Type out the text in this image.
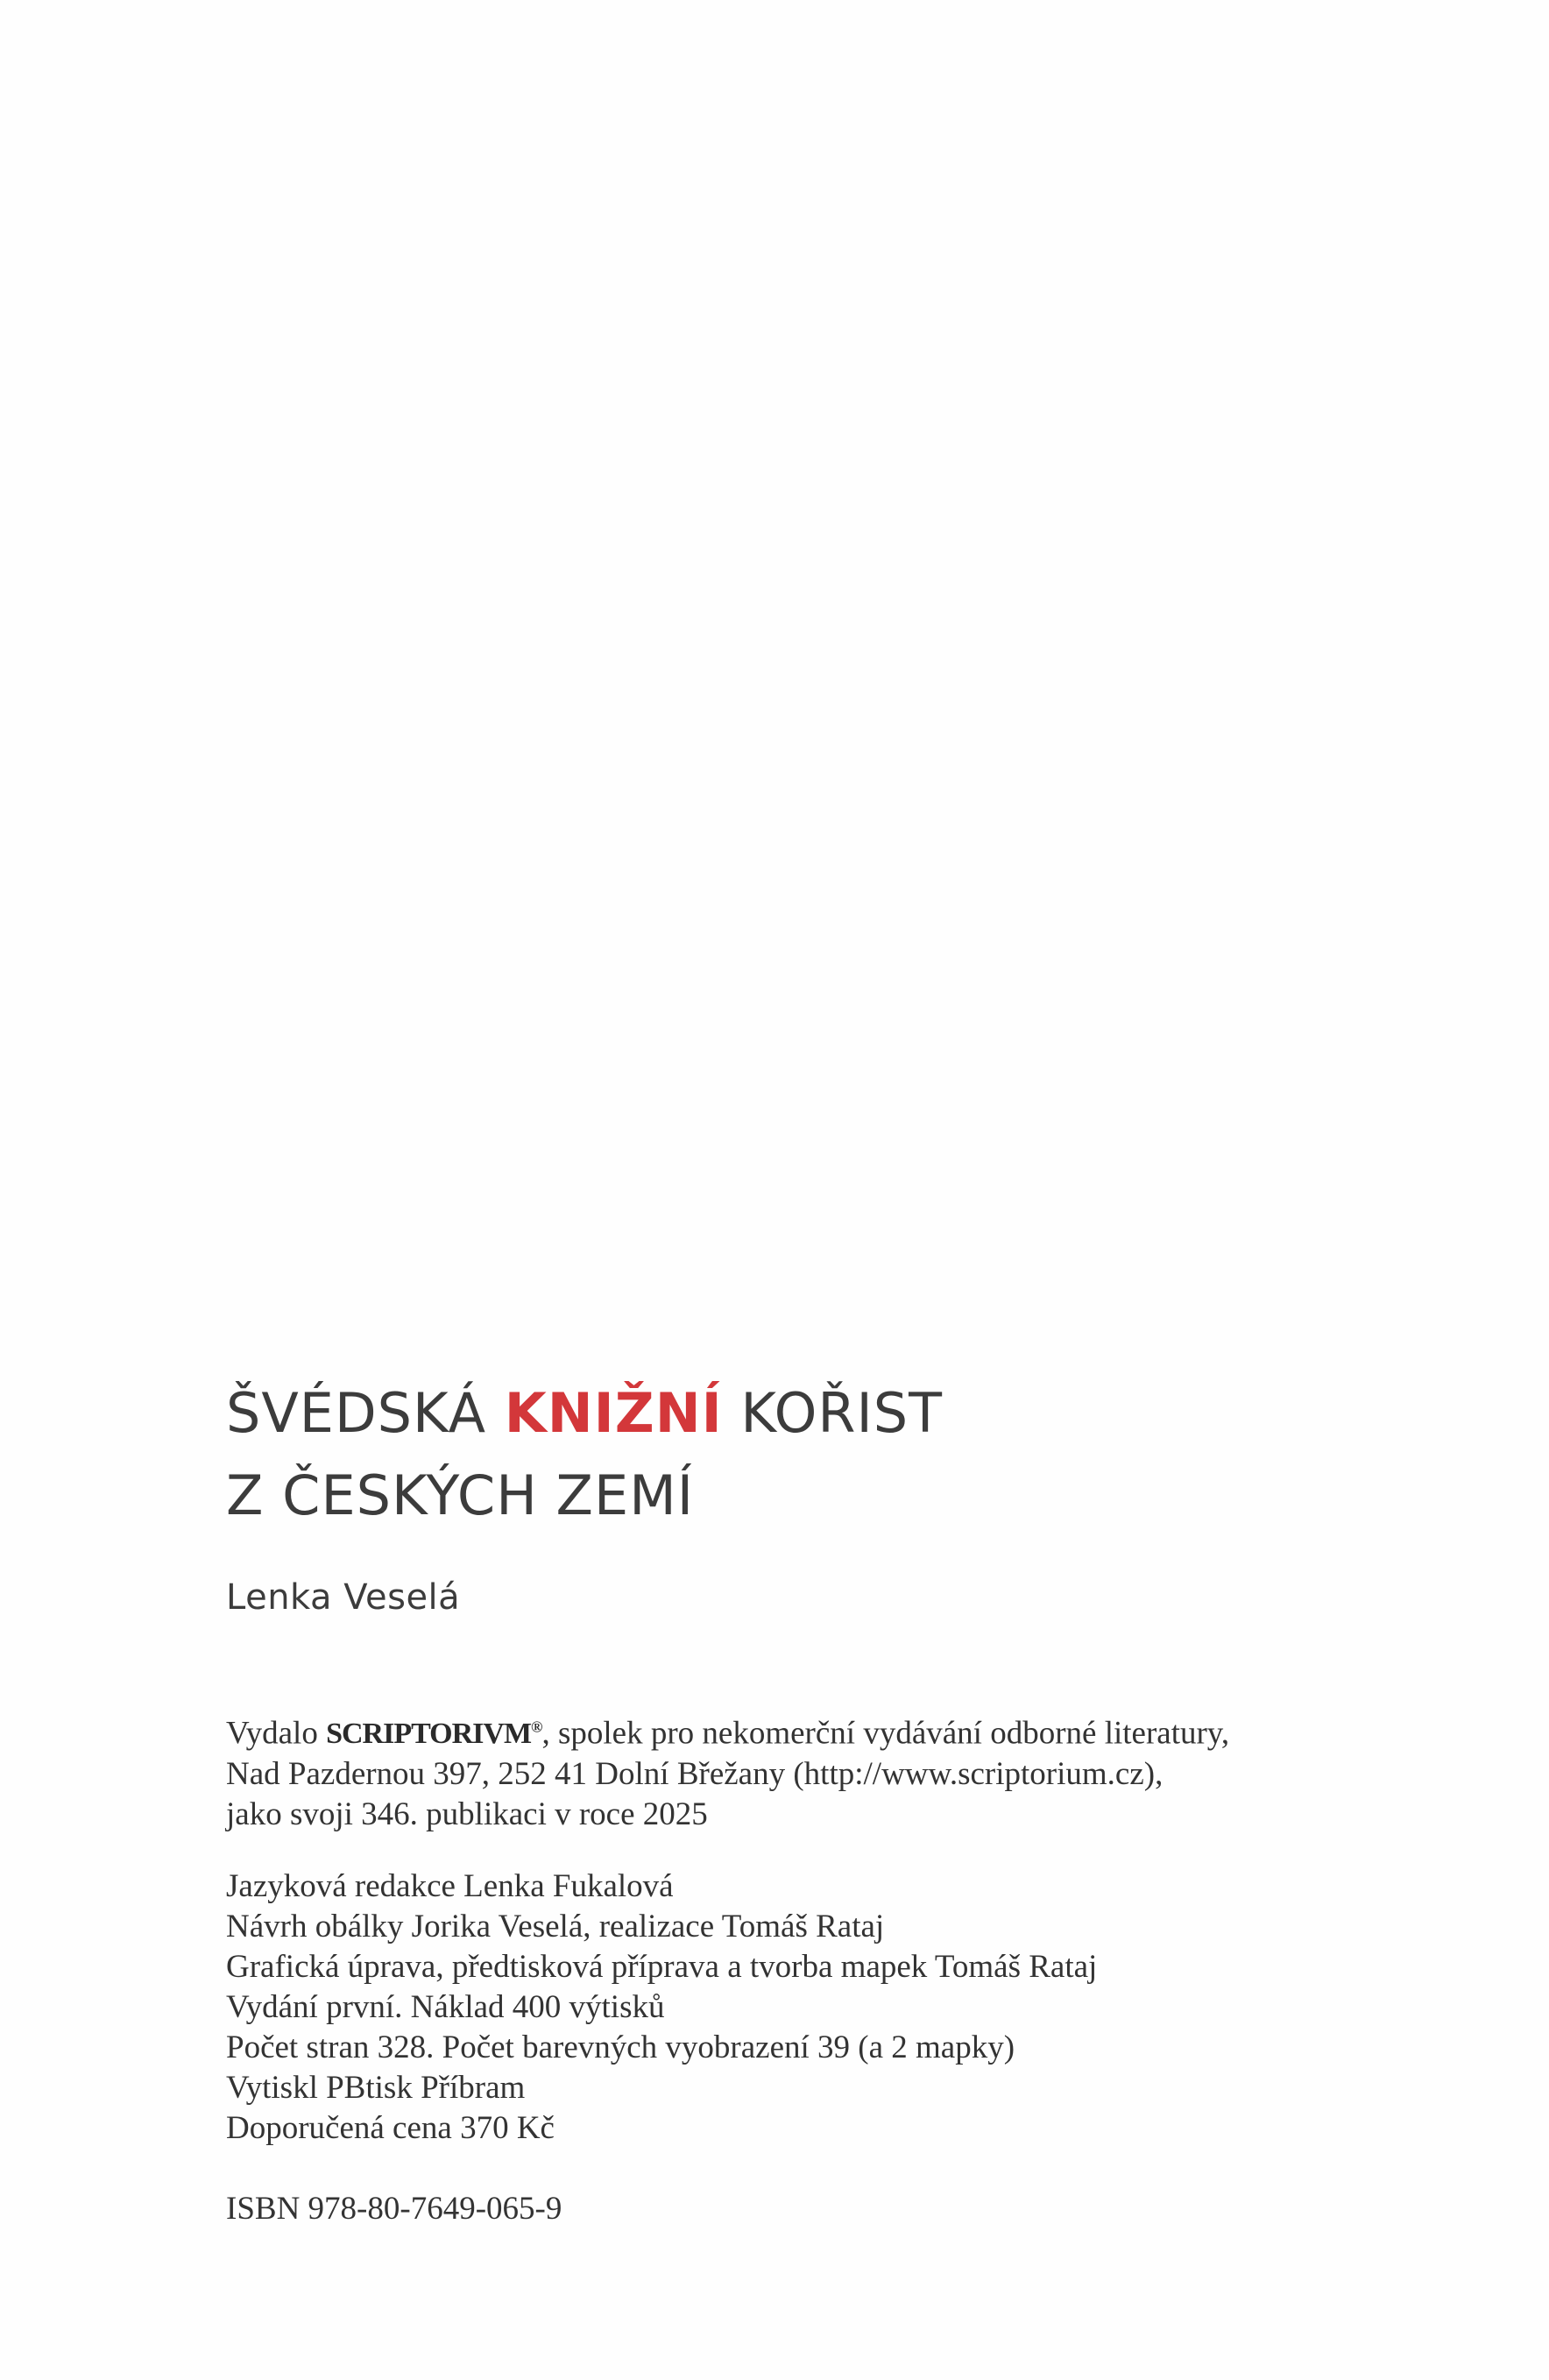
ŠVÉDSKÁ KNIŽNÍ KOŘIST
Z ČESKÝCH ZEMÍ
Lenka Veselá
Vydalo SCRIPTORIVM®, spolek pro nekomerční vydávání odborné literatury,
Nad Pazdernou 397, 252 41 Dolní Břežany (http://www.scriptorium.cz),
jako svoji 346. publikaci v roce 2025
Jazyková redakce Lenka Fukalová
Návrh obálky Jorika Veselá, realizace Tomáš Rataj
Grafická úprava, předtisková příprava a tvorba mapek Tomáš Rataj
Vydání první. Náklad 400 výtisků
Počet stran 328. Počet barevných vyobrazení 39 (a 2 mapky)
Vytiskl PBtisk Příbram
Doporučená cena 370 Kč
ISBN 978-80-7649-065-9
